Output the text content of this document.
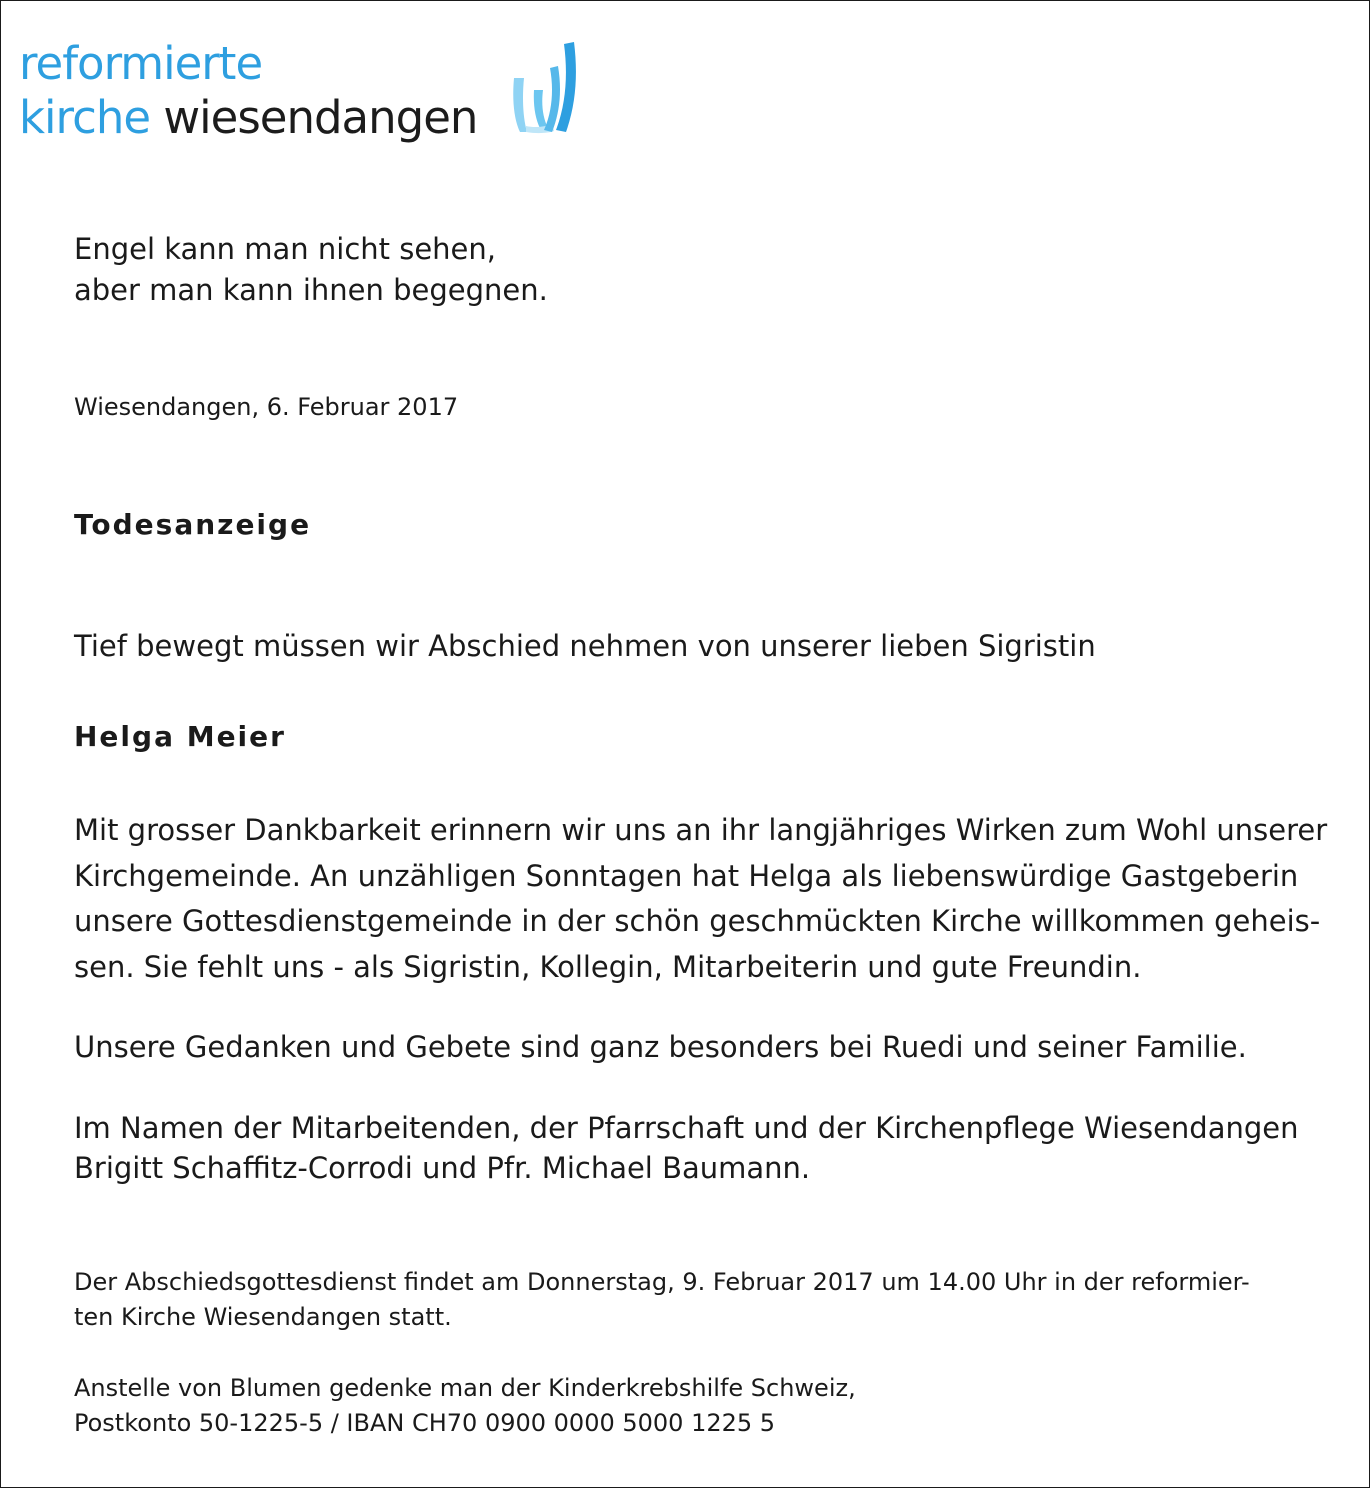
reformierte
kirche wiesendangen

Engel kann man nicht sehen,
aber man kann ihnen begegnen.

Wiesendangen, 6. Februar 2017

Todesanzeige

Tief bewegt müssen wir Abschied nehmen von unserer lieben Sigristin

Helga Meier

Mit grosser Dankbarkeit erinnern wir uns an ihr langjähriges Wirken zum Wohl unserer
Kirchgemeinde. An unzähligen Sonntagen hat Helga als liebenswürdige Gastgeberin
unsere Gottesdienstgemeinde in der schön geschmückten Kirche willkommen geheis-
sen. Sie fehlt uns - als Sigristin, Kollegin, Mitarbeiterin und gute Freundin.

Unsere Gedanken und Gebete sind ganz besonders bei Ruedi und seiner Familie.

Im Namen der Mitarbeitenden, der Pfarrschaft und der Kirchenpflege Wiesendangen
Brigitt Schaffitz-Corrodi und Pfr. Michael Baumann.

Der Abschiedsgottesdienst findet am Donnerstag, 9. Februar 2017 um 14.00 Uhr in der reformier-
ten Kirche Wiesendangen statt.

Anstelle von Blumen gedenke man der Kinderkrebshilfe Schweiz,
Postkonto 50-1225-5 / IBAN CH70 0900 0000 5000 1225 5
